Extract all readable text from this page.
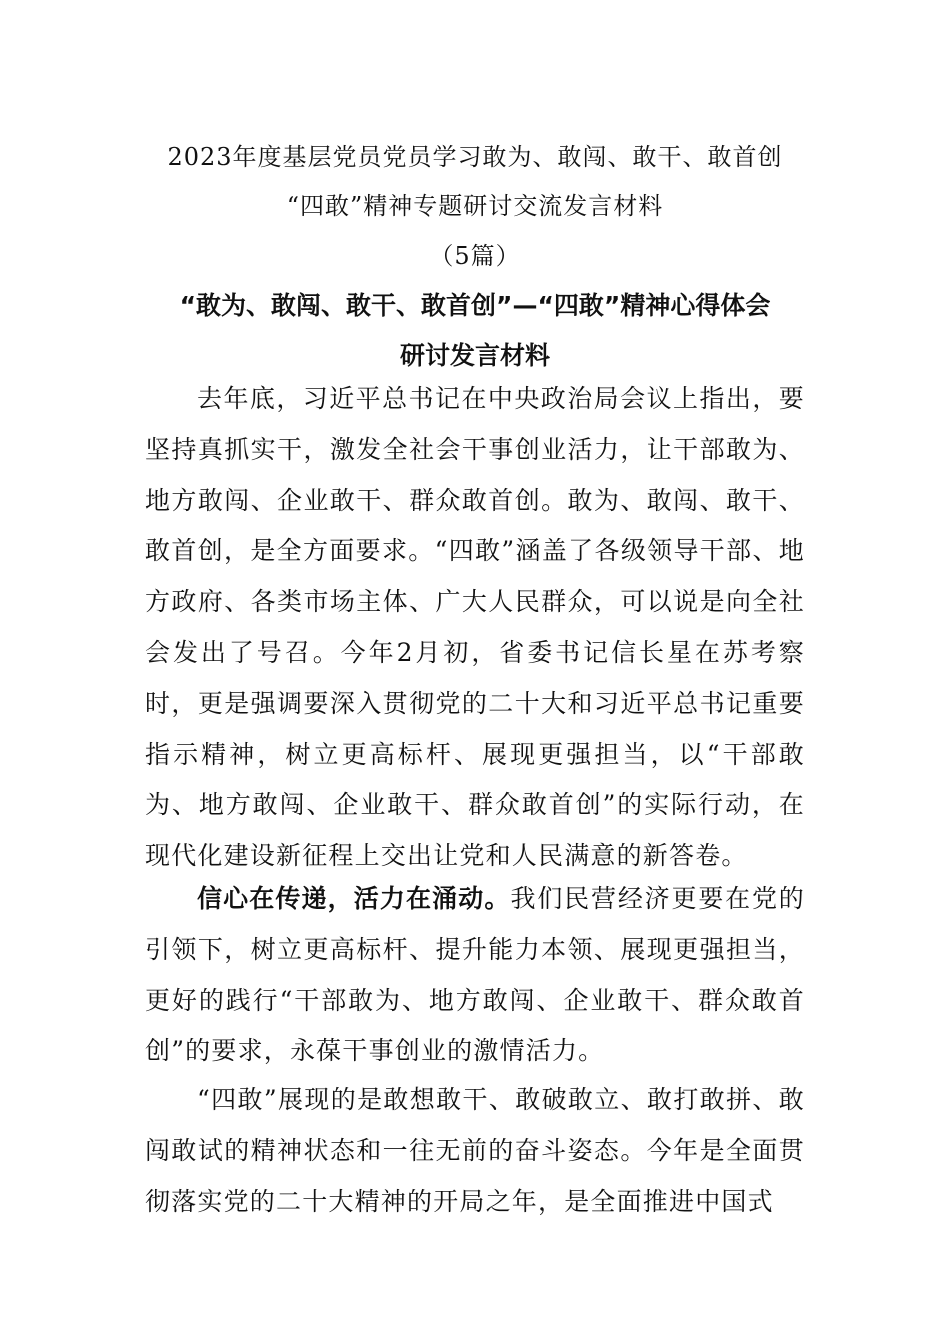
2023年度基层党员党员学习敢为、敢闯、敢干、敢首创
“四敢”精神专题研讨交流发言材料
（5篇）
“敢为、敢闯、敢干、敢首创”—“四敢”精神心得体会
研讨发言材料

去年底，习近平总书记在中央政治局会议上指出，要坚持真抓实干，激发全社会干事创业活力，让干部敢为、地方敢闯、企业敢干、群众敢首创。敢为、敢闯、敢干、敢首创，是全方面要求。“四敢”涵盖了各级领导干部、地方政府、各类市场主体、广大人民群众，可以说是向全社会发出了号召。今年2月初，省委书记信长星在苏考察时，更是强调要深入贯彻党的二十大和习近平总书记重要指示精神，树立更高标杆、展现更强担当，以“干部敢为、地方敢闯、企业敢干、群众敢首创”的实际行动，在现代化建设新征程上交出让党和人民满意的新答卷。

信心在传递，活力在涌动。我们民营经济更要在党的引领下，树立更高标杆、提升能力本领、展现更强担当，更好的践行“干部敢为、地方敢闯、企业敢干、群众敢首创”的要求，永葆干事创业的激情活力。

“四敢”展现的是敢想敢干、敢破敢立、敢打敢拼、敢闯敢试的精神状态和一往无前的奋斗姿态。今年是全面贯彻落实党的二十大精神的开局之年，是全面推进中国式
